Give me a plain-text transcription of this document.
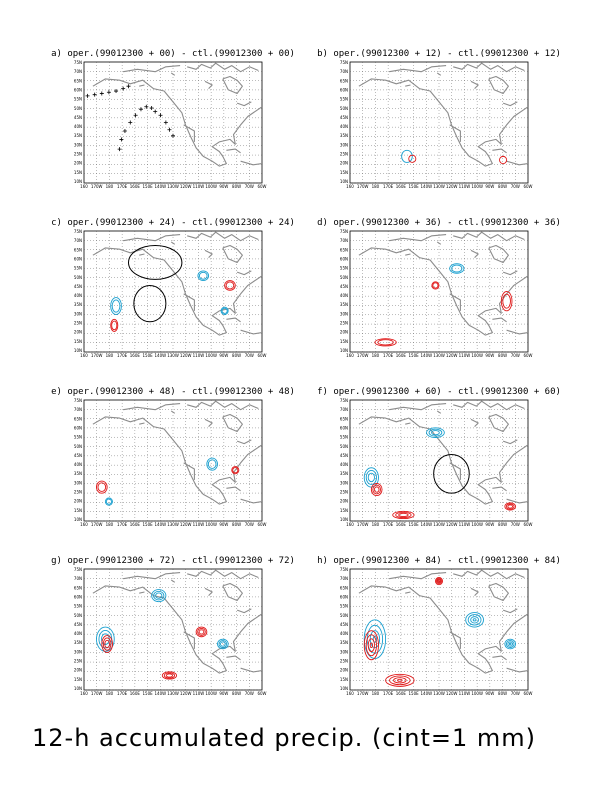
a) oper.(99012300 + 00) - ctl.(99012300 + 00)
75N
70N
65N
60N
55N
50N
45N
40N
35N
30N
25N
20N
15N
10N
160 170W 180 170E 160E 150E 140W 130W 120W 110W 100W 90W 80W 70W 60W
b) oper.(99012300 + 12) - ctl.(99012300 + 12)
75N
70N
65N
60N
55N
50N
45N
40N
35N
30N
25N
20N
15N
10N
160 170W 180 170E 160E 150E 140W 130W 120W 110W 100W 90W 80W 70W 60W
c) oper.(99012300 + 24) - ctl.(99012300 + 24)
75N
70N
65N
60N
55N
50N
45N
40N
35N
30N
25N
20N
15N
10N
160 170W 180 170E 160E 150E 140W 130W 120W 110W 100W 90W 80W 70W 60W
d) oper.(99012300 + 36) - ctl.(99012300 + 36)
75N
70N
65N
60N
55N
50N
45N
40N
35N
30N
25N
20N
15N
10N
160 170W 180 170E 160E 150E 140W 130W 120W 110W 100W 90W 80W 70W 60W
e) oper.(99012300 + 48) - ctl.(99012300 + 48)
75N
70N
65N
60N
55N
50N
45N
40N
35N
30N
25N
20N
15N
10N
160 170W 180 170E 160E 150E 140W 130W 120W 110W 100W 90W 80W 70W 60W
f) oper.(99012300 + 60) - ctl.(99012300 + 60)
75N
70N
65N
60N
55N
50N
45N
40N
35N
30N
25N
20N
15N
10N
160 170W 180 170E 160E 150E 140W 130W 120W 110W 100W 90W 80W 70W 60W
g) oper.(99012300 + 72) - ctl.(99012300 + 72)
75N
70N
65N
60N
55N
50N
45N
40N
35N
30N
25N
20N
15N
10N
160 170W 180 170E 160E 150E 140W 130W 120W 110W 100W 90W 80W 70W 60W
h) oper.(99012300 + 84) - ctl.(99012300 + 84)
75N
70N
65N
60N
55N
50N
45N
40N
35N
30N
25N
20N
15N
10N
160 170W 180 170E 160E 150E 140W 130W 120W 110W 100W 90W 80W 70W 60W
12-h accumulated precip. (cint=1 mm)
